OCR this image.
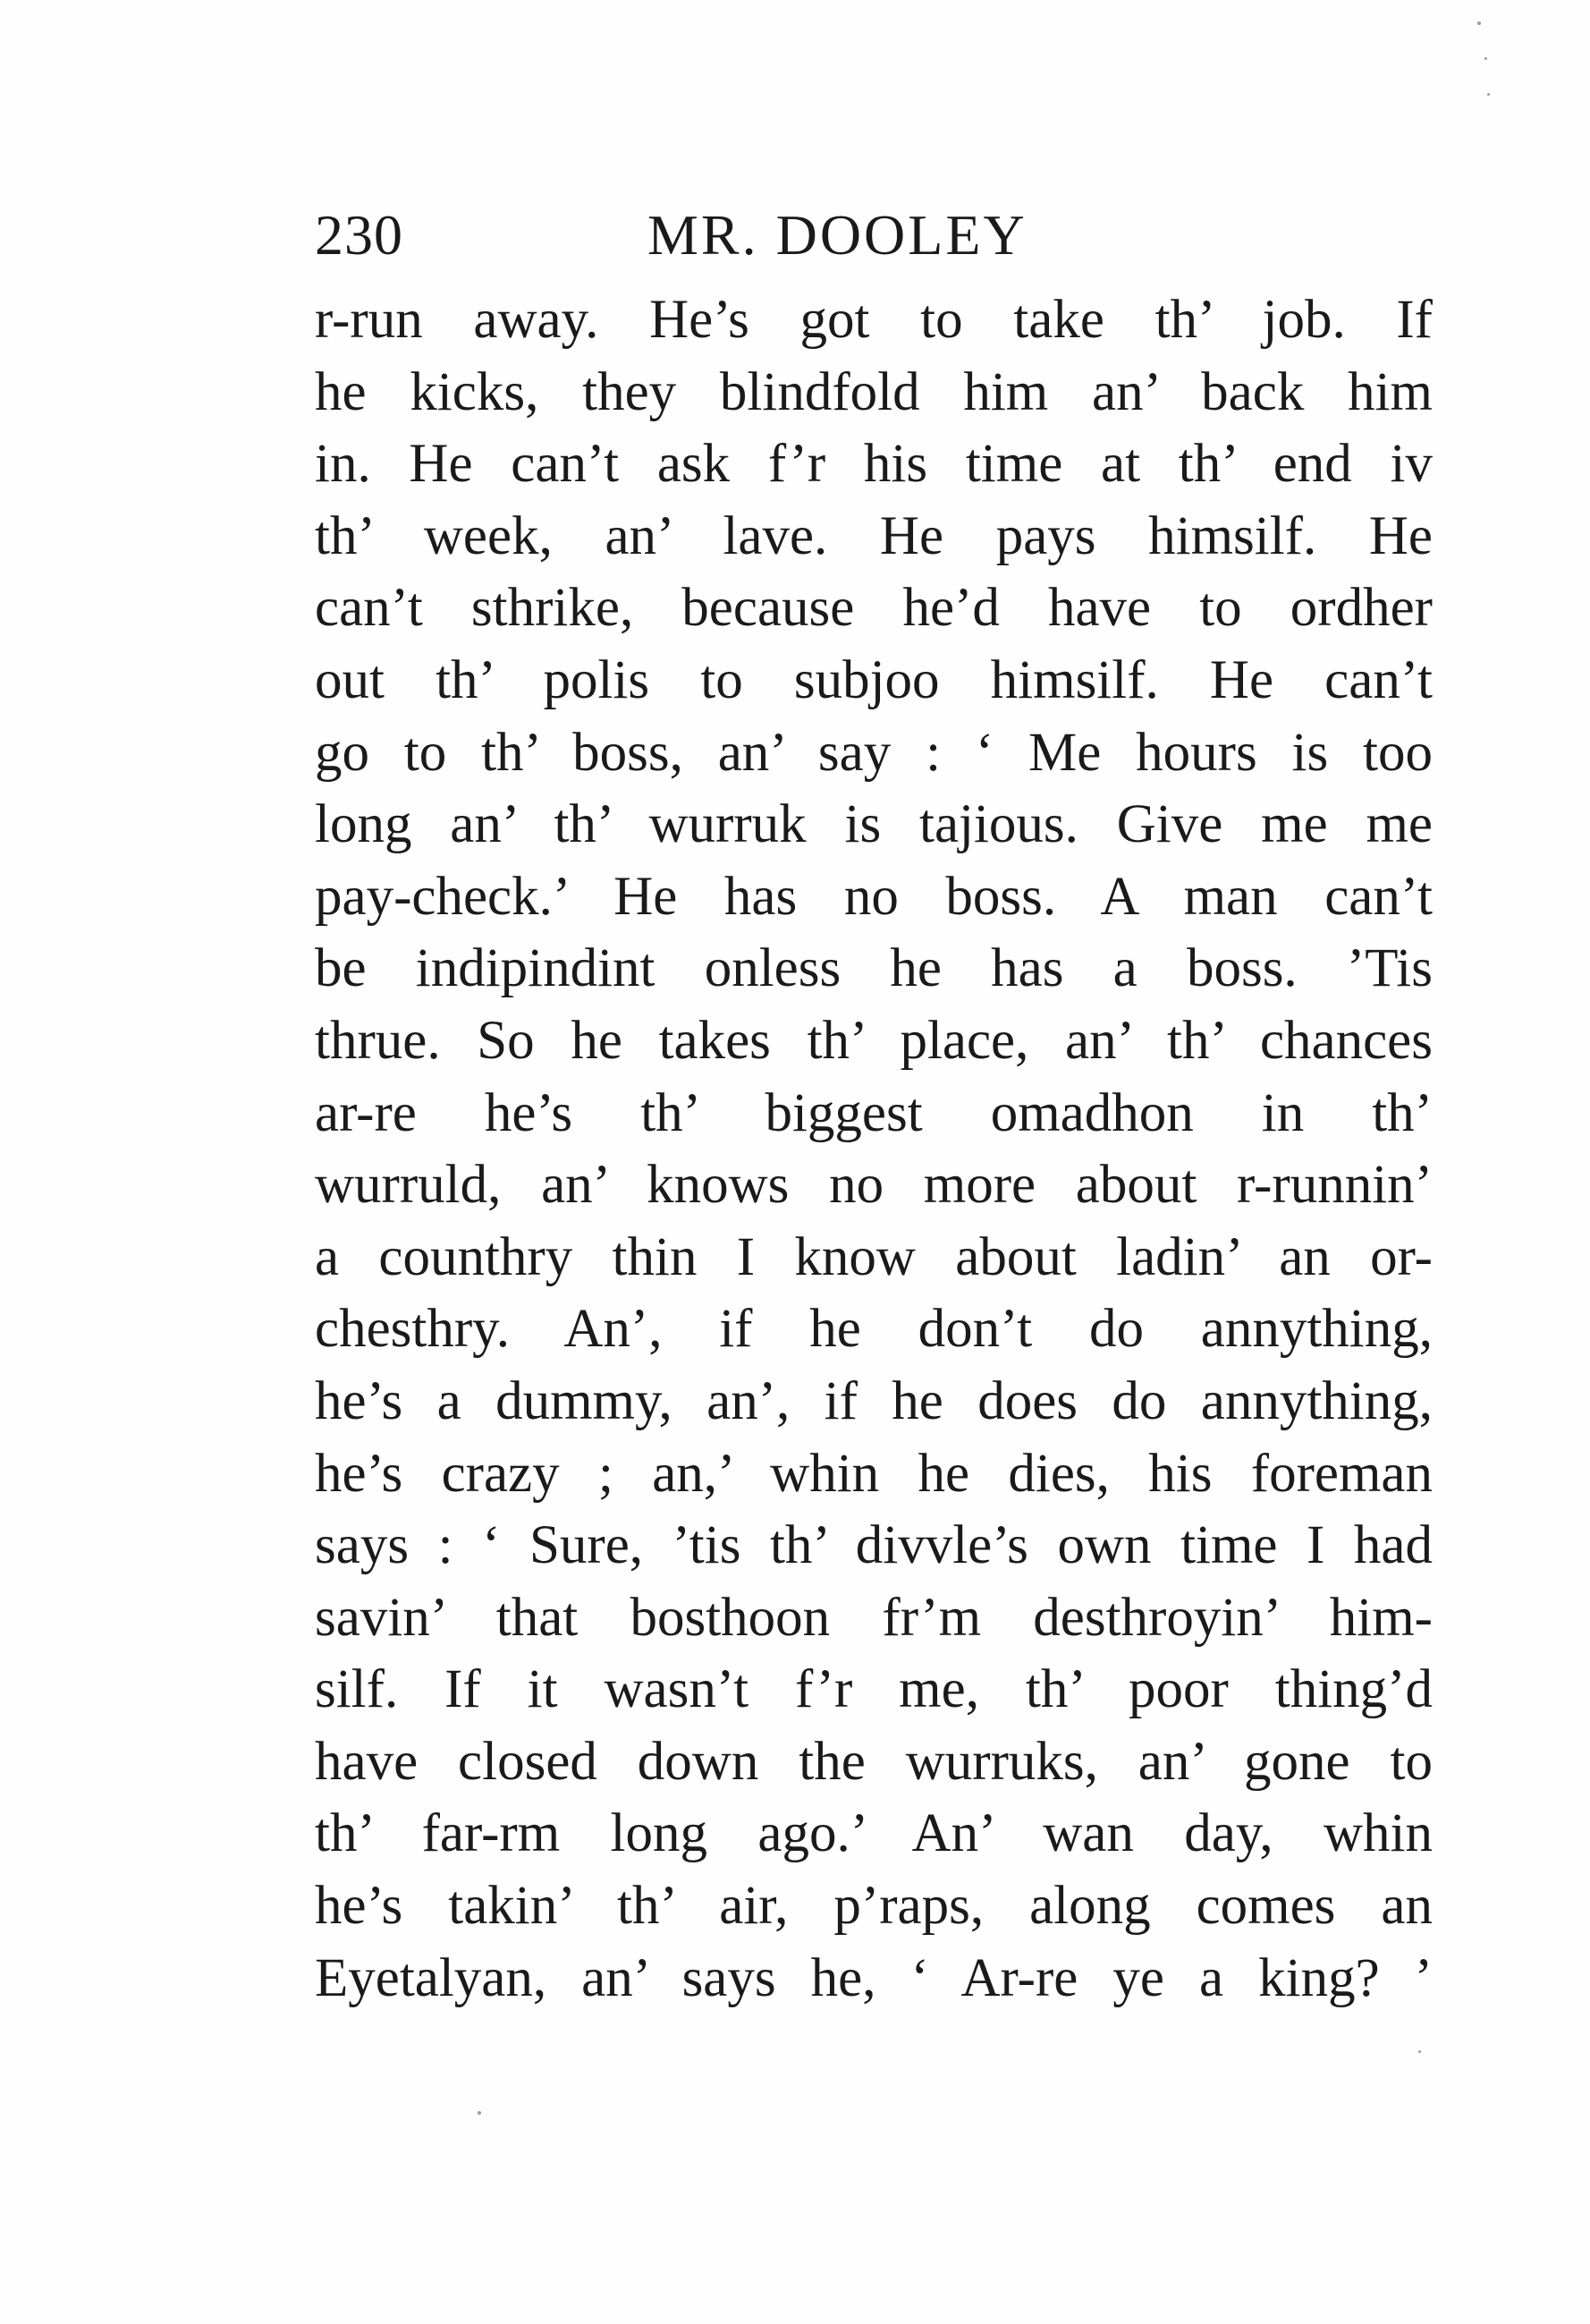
230	MR. DOOLEY
r-run away. He’s got to take th’ job. If
he kicks, they blindfold him an’ back him
in. He can’t ask f’r his time at th’ end iv
th’ week, an’ lave. He pays himsilf. He
can’t sthrike, because he’d have to ordher
out th’ polis to subjoo himsilf. He can’t
go to th’ boss, an’ say : ‘ Me hours is too
long an’ th’ wurruk is tajious. Give me me
pay-check.’ He has no boss. A man can’t
be indipindint onless he has a boss. ’Tis
thrue. So he takes th’ place, an’ th’ chances
ar-re he’s th’ biggest omadhon in th’
wurruld, an’ knows no more about r-runnin’
a counthry thin I know about ladin’ an or-
chesthry. An’, if he don’t do annything,
he’s a dummy, an’, if he does do annything,
he’s crazy ; an,’ whin he dies, his foreman
says : ‘ Sure, ’tis th’ divvle’s own time I had
savin’ that bosthoon fr’m desthroyin’ him-
silf. If it wasn’t f’r me, th’ poor thing’d
have closed down the wurruks, an’ gone to
th’ far-rm long ago.’ An’ wan day, whin
he’s takin’ th’ air, p’raps, along comes an
Eyetalyan, an’ says he, ‘ Ar-re ye a king? ’
